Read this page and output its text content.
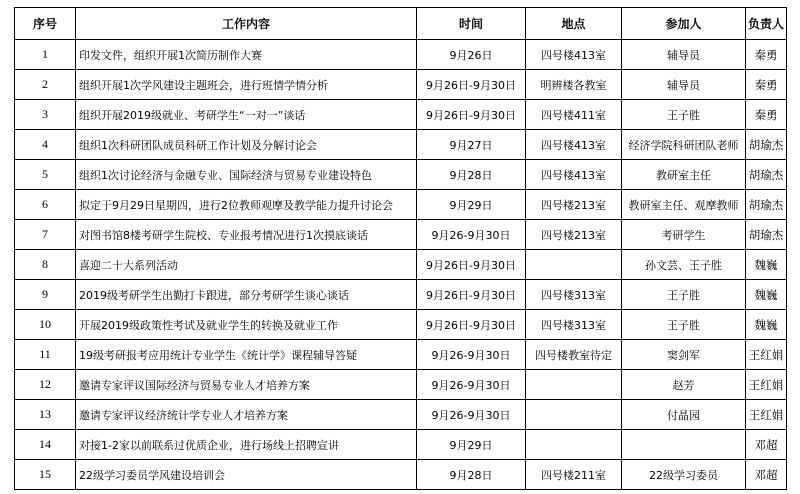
序号	工作内容	时间	地点	参加人	负责人
1	印发文件，组织开展1次简历制作大赛	9月26日	四号楼413室	辅导员	秦勇
2	组织开展1次学风建设主题班会，进行班情学情分析	9月26日-9月30日	明辨楼各教室	辅导员	秦勇
3	组织开展2019级就业、考研学生“一对一”谈话	9月26日-9月30日	四号楼411室	王子胜	秦勇
4	组织1次科研团队成员科研工作计划及分解讨论会	9月27日	四号楼413室	经济学院科研团队老师	胡瑜杰
5	组织1次讨论经济与金融专业、国际经济与贸易专业建设特色	9月28日	四号楼413室	教研室主任	胡瑜杰
6	拟定于9月29日星期四，进行2位教师观摩及教学能力提升讨论会	9月29日	四号楼213室	教研室主任、观摩教师	胡瑜杰
7	对图书馆8楼考研学生院校、专业报考情况进行1次摸底谈话	9月26-9月30日	四号楼213室	考研学生	胡瑜杰
8	喜迎二十大系列活动	9月26日-9月30日		孙文芸、王子胜	魏巍
9	2019级考研学生出勤打卡跟进，部分考研学生谈心谈话	9月26日-9月30日	四号楼313室	王子胜	魏巍
10	开展2019级政策性考试及就业学生的转换及就业工作	9月26日-9月30日	四号楼313室	王子胜	魏巍
11	19级考研报考应用统计专业学生《统计学》课程辅导答疑	9月26-9月30日	四号楼教室待定	窦剑军	王红娟
12	邀请专家评议国际经济与贸易专业人才培养方案	9月26-9月30日		赵芳	王红娟
13	邀请专家评议经济统计学专业人才培养方案	9月26-9月30日		付晶园	王红娟
14	对接1-2家以前联系过优质企业，进行场线上招聘宣讲	9月29日			邓超
15	22级学习委员学风建设培训会	9月28日	四号楼211室	22级学习委员	邓超
